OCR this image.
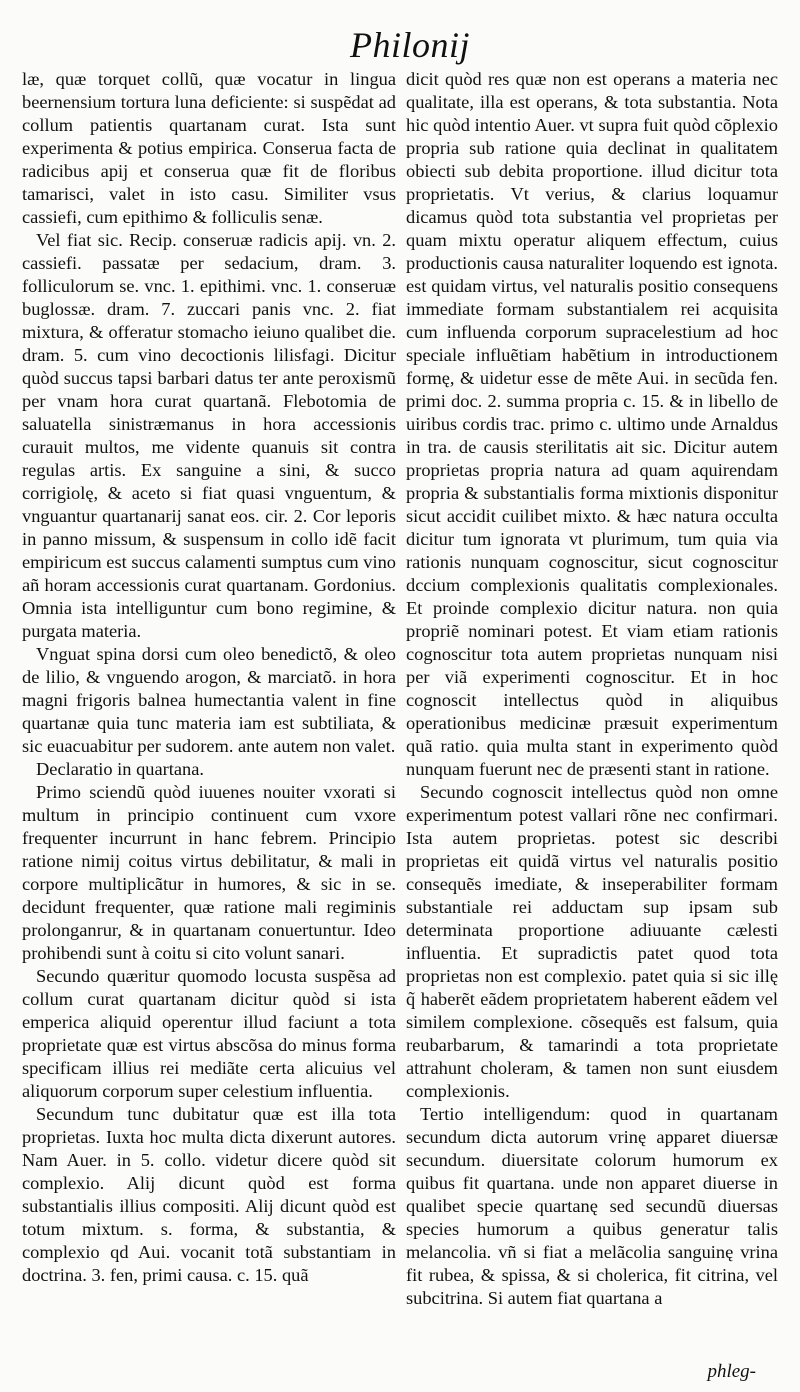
Philonij

læ, quæ torquet collũ, quæ vocatur in lingua beernensium tortura luna deficiente: si suspẽdat ad collum patientis quartanam curat. Ista sunt experimenta & potius empirica. Conserua facta de radicibus apij et conserua quæ fit de floribus tamarisci, valet in isto casu. Similiter vsus cassiefi, cum epithimo & folliculis senæ.

Vel fiat sic. Recip. conseruæ radicis apij. vn. 2. cassiefi. passatæ per sedacium, dram. 3. folliculorum se. vnc. 1. epithimi. vnc. 1. conseruæ buglossæ. dram. 7. zuccari panis vnc. 2. fiat mixtura, & offeratur stomacho ieiuno qualibet die. dram. 5. cum vino decoctionis lilisfagi. Dicitur quòd succus tapsi barbari datus ter ante peroxismũ per vnam hora curat quartanã. Flebotomia de saluatella sinistræmanus in hora accessionis curauit multos, me vidente quanuis sit contra regulas artis. Ex sanguine a sini, & succo corrigiolę, & aceto si fiat quasi vnguentum, & vnguantur quartanarij sanat eos. cir. 2. Cor leporis in panno missum, & suspensum in collo idẽ facit empiricum est succus calamenti sumptus cum vino añ horam accessionis curat quartanam. Gordonius. Omnia ista intelliguntur cum bono regimine, & purgata materia.

Vnguat spina dorsi cum oleo benedictõ, & oleo de lilio, & vnguendo arogon, & marciatõ. in hora magni frigoris balnea humectantia valent in fine quartanæ quia tunc materia iam est subtiliata, & sic euacuabitur per sudorem. ante autem non valet.

Declaratio in quartana.

Primo sciendũ quòd iuuenes nouiter vxorati si multum in principio continuent cum vxore frequenter incurrunt in hanc febrem. Principio ratione nimij coitus virtus debilitatur, & mali in corpore multiplicãtur in humores, & sic in se. decidunt frequenter, quæ ratione mali regiminis prolonganrur, & in quartanam conuertuntur. Ideo prohibendi sunt à coitu si cito volunt sanari.

Secundo quæritur quomodo locusta suspẽsa ad collum curat quartanam dicitur quòd si ista emperica aliquid operentur illud faciunt a tota proprietate quæ est virtus abscõsa do minus forma specificam illius rei mediãte certa alicuius vel aliquorum corporum super celestium influentia.

Secundum tunc dubitatur quæ est illa tota proprietas. Iuxta hoc multa dicta dixerunt autores. Nam Auer. in 5. collo. videtur dicere quòd sit complexio. Alij dicunt quòd est forma substantialis illius compositi. Alij dicunt quòd est totum mixtum. s. forma, & substantia, & complexio qd Aui. vocanit totã substantiam in doctrina. 3. fen, primi causa. c. 15. quã

dicit quòd res quæ non est operans a materia nec qualitate, illa est operans, & tota substantia. Nota hic quòd intentio Auer. vt supra fuit quòd cõplexio propria sub ratione quia declinat in qualitatem obiecti sub debita proportione. illud dicitur tota proprietatis. Vt verius, & clarius loquamur dicamus quòd tota substantia vel proprietas per quam mixtu operatur aliquem effectum, cuius productionis causa naturaliter loquendo est ignota. est quidam virtus, vel naturalis positio consequens immediate formam substantialem rei acquisita cum influenda corporum supracelestium ad hoc speciale influẽtiam habẽtium in introductionem formę, & uidetur esse de mẽte Aui. in secũda fen. primi doc. 2. summa propria c. 15. & in libello de uiribus cordis trac. primo c. ultimo unde Arnaldus in tra. de causis sterilitatis ait sic. Dicitur autem proprietas propria natura ad quam aquirendam propria & substantialis forma mixtionis disponitur sicut accidit cuilibet mixto. & hæc natura occulta dicitur tum ignorata vt plurimum, tum quia via rationis nunquam cognoscitur, sicut cognoscitur dccium complexionis qualitatis complexionales. Et proinde complexio dicitur natura. non quia propriẽ nominari potest. Et viam etiam rationis cognoscitur tota autem proprietas nunquam nisi per viã experimenti cognoscitur. Et in hoc cognoscit intellectus quòd in aliquibus operationibus medicinæ præsuit experimentum quã ratio. quia multa stant in experimento quòd nunquam fuerunt nec de præsenti stant in ratione.

Secundo cognoscit intellectus quòd non omne experimentum potest vallari rõne nec confirmari. Ista autem proprietas. potest sic describi proprietas eit quidã virtus vel naturalis positio consequẽs imediate, & inseperabiliter formam substantiale rei adductam sup ipsam sub determinata proportione adiuuante cælesti influentia. Et supradictis patet quod tota proprietas non est complexio. patet quia si sic illę q̃ haberẽt eãdem proprietatem haberent eãdem vel similem complexione. cõsequẽs est falsum, quia reubarbarum, & tamarindi a tota proprietate attrahunt choleram, & tamen non sunt eiusdem complexionis.

Tertio intelligendum: quod in quartanam secundum dicta autorum vrinę apparet diuersæ secundum. diuersitate colorum humorum ex quibus fit quartana. unde non apparet diuerse in qualibet specie quartanę sed secundũ diuersas species humorum a quibus generatur talis melancolia. vñ si fiat a melãcolia sanguinę vrina fit rubea, & spissa, & si cholerica, fit citrina, vel subcitrina. Si autem fiat quartana a

phleg-
